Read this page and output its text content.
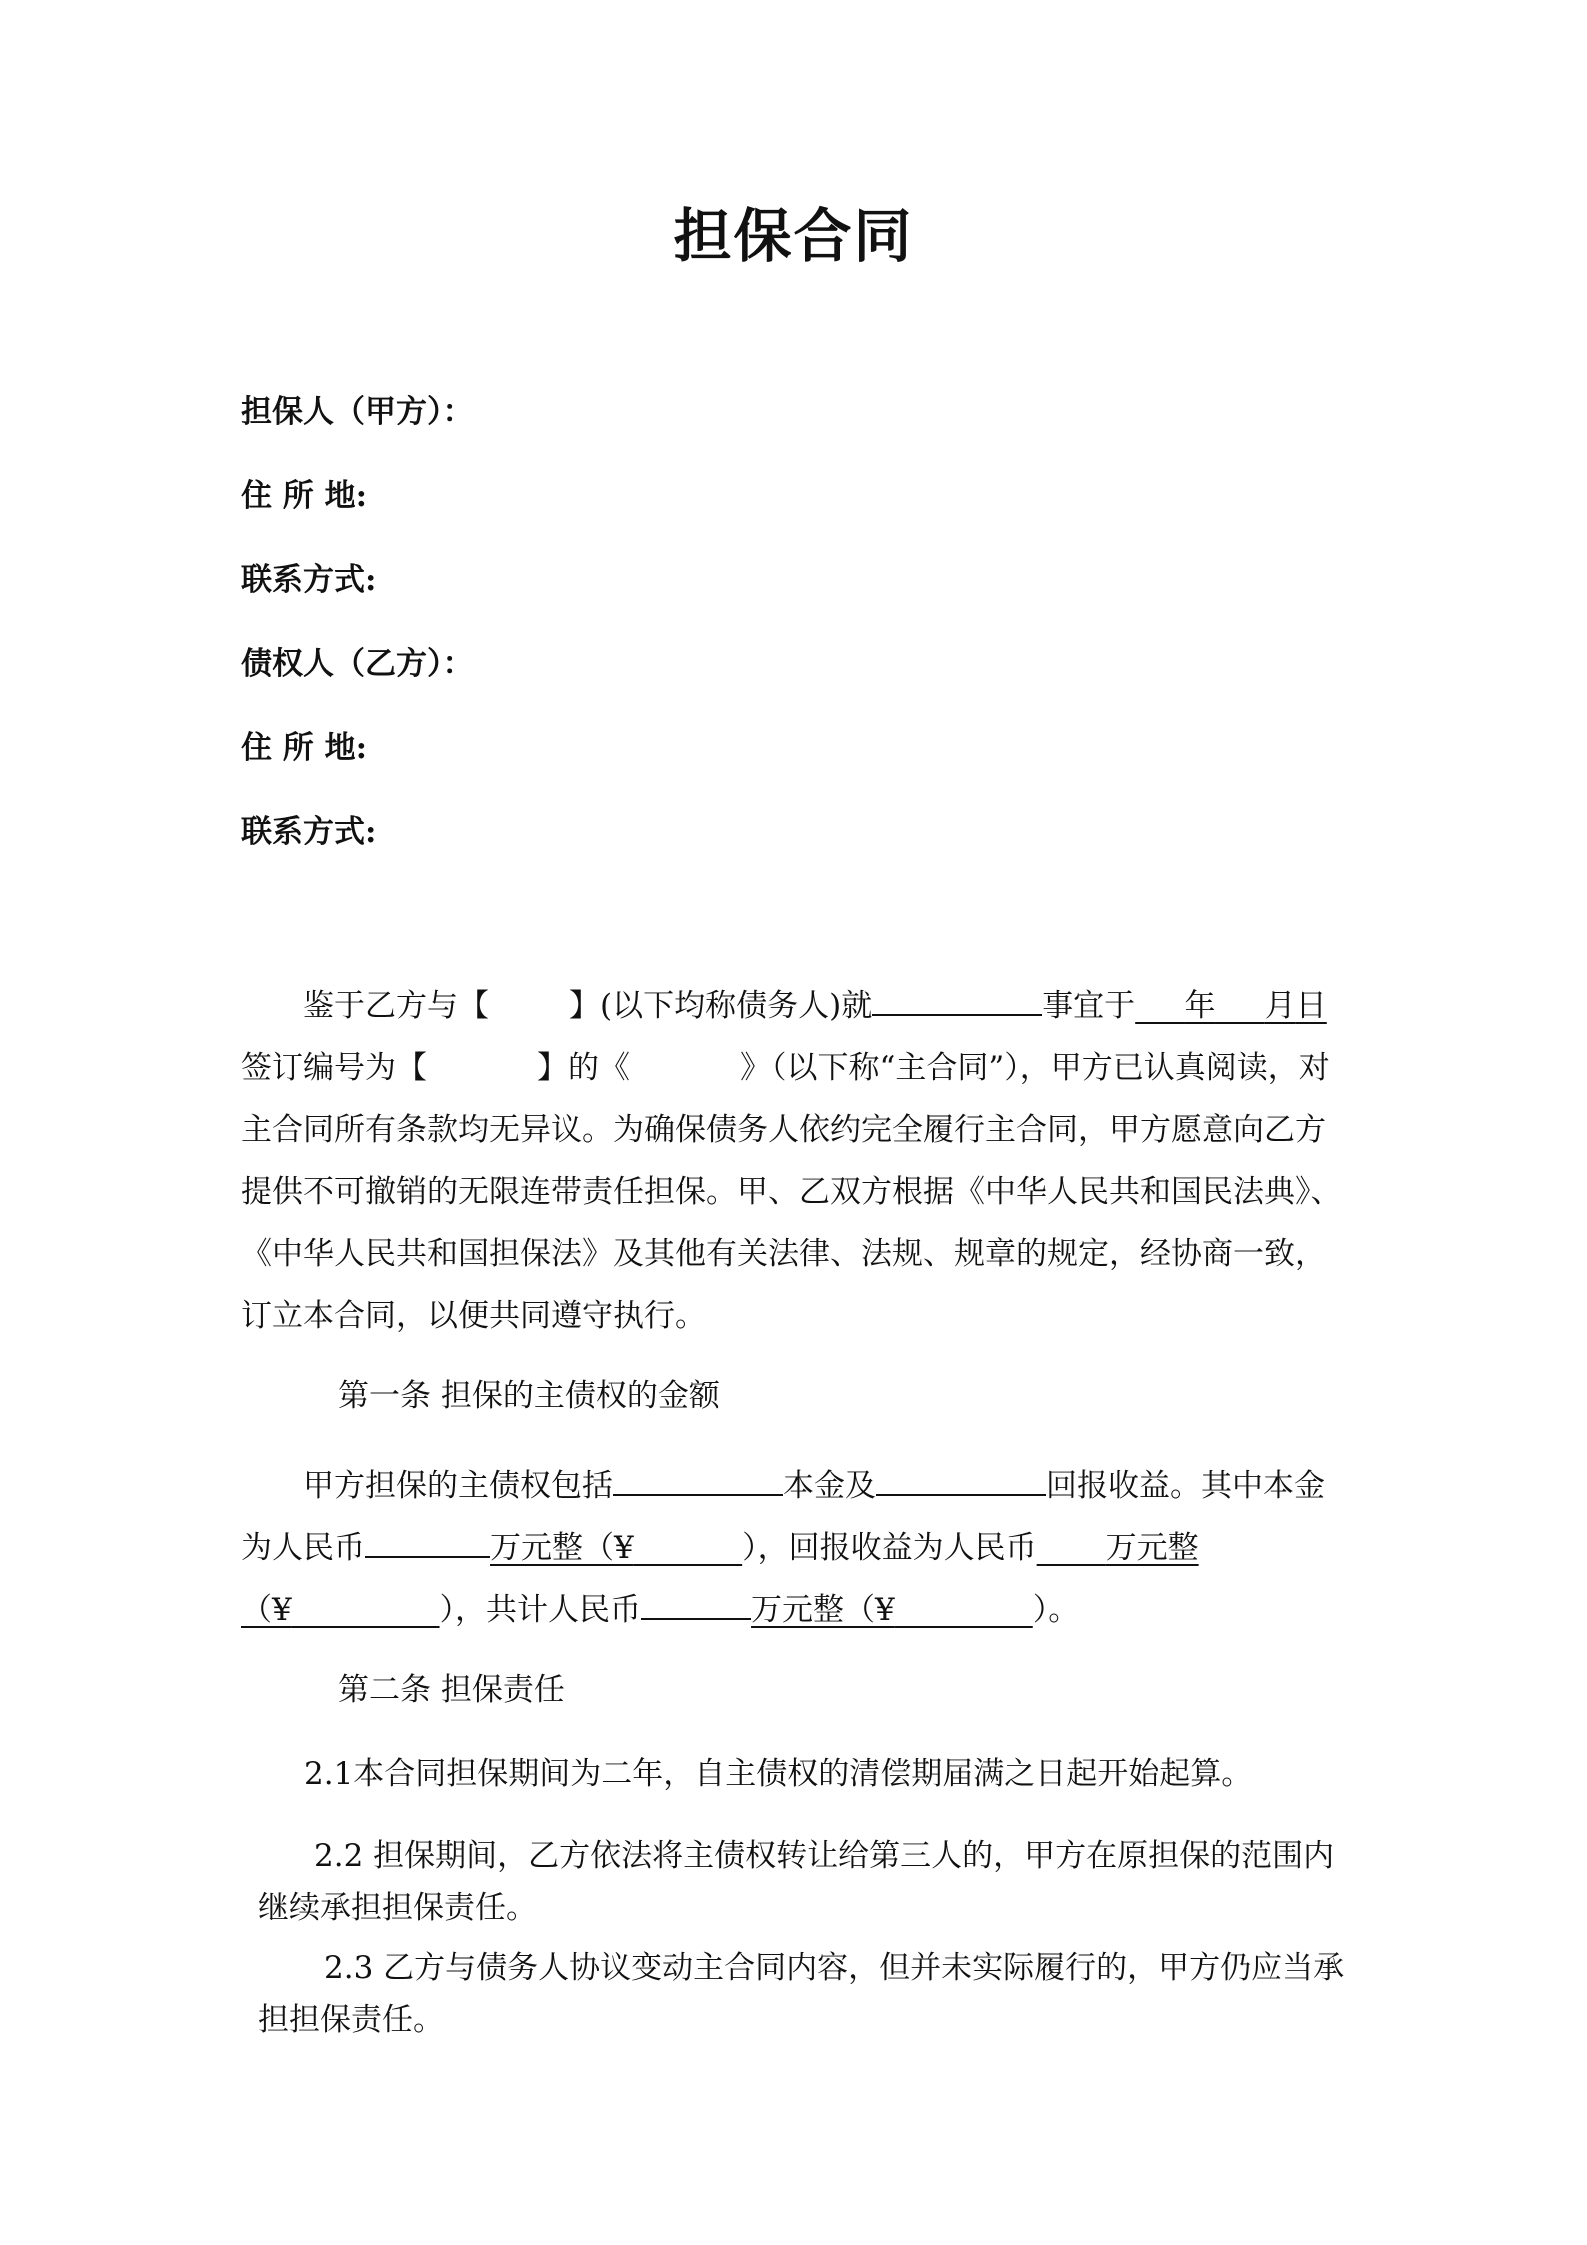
担保合同
担保人（甲方）：
住 所 地:
联系方式:
债权人（乙方）：
住 所 地:
联系方式:

鉴于乙方与【	】(以下均称债务人)就	事宜于 年 月日签订编号为【	】的《	》（以下称“主合同”），甲方已认真阅读，对主合同所有条款均无异议。为确保债务人依约完全履行主合同，甲方愿意向乙方提供不可撤销的无限连带责任担保。甲、乙双方根据《中华人民共和国民法典》、《中华人民共和国担保法》及其他有关法律、法规、规章的规定，经协商一致，订立本合同，以便共同遵守执行。

第一条 担保的主债权的金额

甲方担保的主债权包括	本金及	回报收益。其中本金为人民币	万元整（¥	），回报收益为人民币 万元整
（¥	），共计人民币	万元整（¥	）。

第二条 担保责任

2.1本合同担保期间为二年，自主债权的清偿期届满之日起开始起算。

2.2 担保期间，乙方依法将主债权转让给第三人的，甲方在原担保的范围内继续承担担保责任。

2.3 乙方与债务人协议变动主合同内容，但并未实际履行的，甲方仍应当承担担保责任。
